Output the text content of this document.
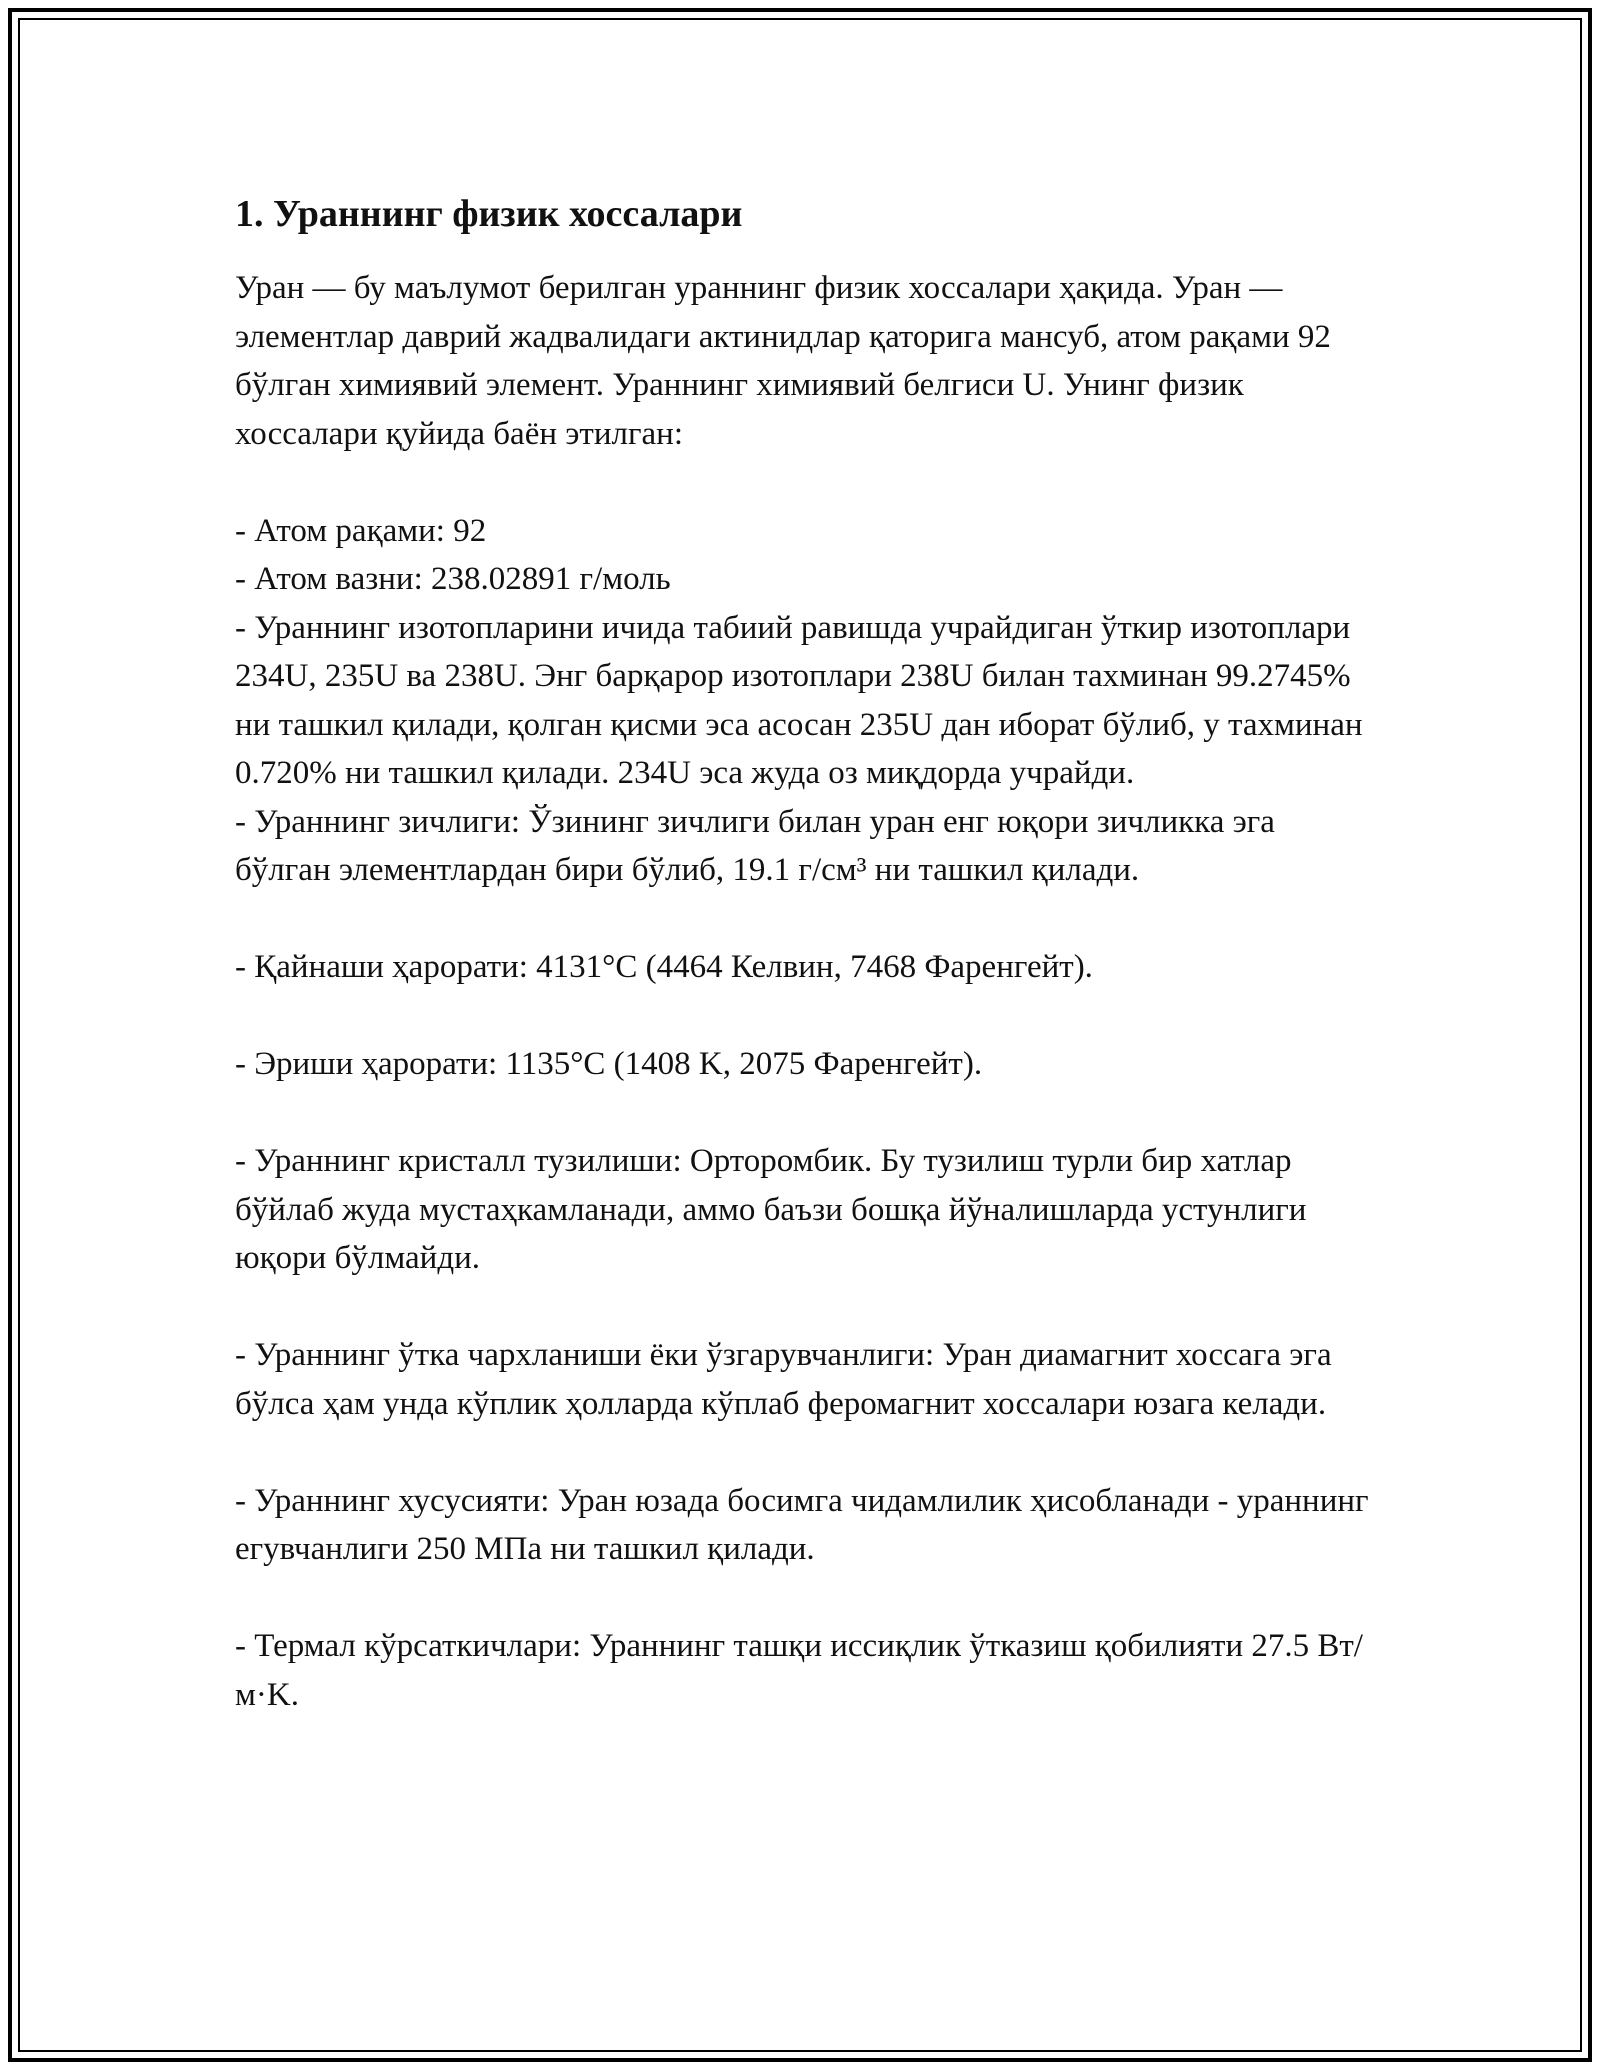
1. Ураннинг физик хоссалари

Уран — бу маълумот берилган ураннинг физик хоссалари ҳақида. Уран — элементлар даврий жадвалидаги актинидлар қаторига мансуб, атом рақами 92 бўлган химиявий элемент. Ураннинг химиявий белгиси U. Унинг физик хоссалари қуйида баён этилган:

- Атом рақами: 92

- Атом вазни: 238.02891 г/моль

- Ураннинг изотопларини ичида табиий равишда учрайдиган ўткир изотоплари 234U, 235U ва 238U. Энг барқарор изотоплари 238U билан тахминан 99.2745% ни ташкил қилади, қолган қисми эса асосан 235U дан иборат бўлиб, у тахминан 0.720% ни ташкил қилади. 234U эса жуда оз миқдорда учрайди.

- Ураннинг зичлиги: Ўзининг зичлиги билан уран енг юқори зичликка эга бўлган элементлардан бири бўлиб, 19.1 г/см³ ни ташкил қилади.

- Қайнаши ҳарорати: 4131°C (4464 Келвин, 7468 Фаренгейт).

- Эриши ҳарорати: 1135°C (1408 K, 2075 Фаренгейт).

- Ураннинг кристалл тузилиши: Орторомбик. Бу тузилиш турли бир хатлар бўйлаб жуда мустаҳкамланади, аммо баъзи бошқа йўналишларда устунлиги юқори бўлмайди.

- Ураннинг ўтка чархланиши ёки ўзгарувчанлиги: Уран диамагнит хоссага эга бўлса ҳам унда кўплик ҳолларда кўплаб феромагнит хоссалари юзага келади.

- Ураннинг хусусияти: Уран юзада босимга чидамлилик ҳисобланади - ураннинг егувчанлиги 250 МПа ни ташкил қилади.

- Термал кўрсаткичлари: Ураннинг ташқи иссиқлик ўтказиш қобилияти 27.5 Вт/м·K.
